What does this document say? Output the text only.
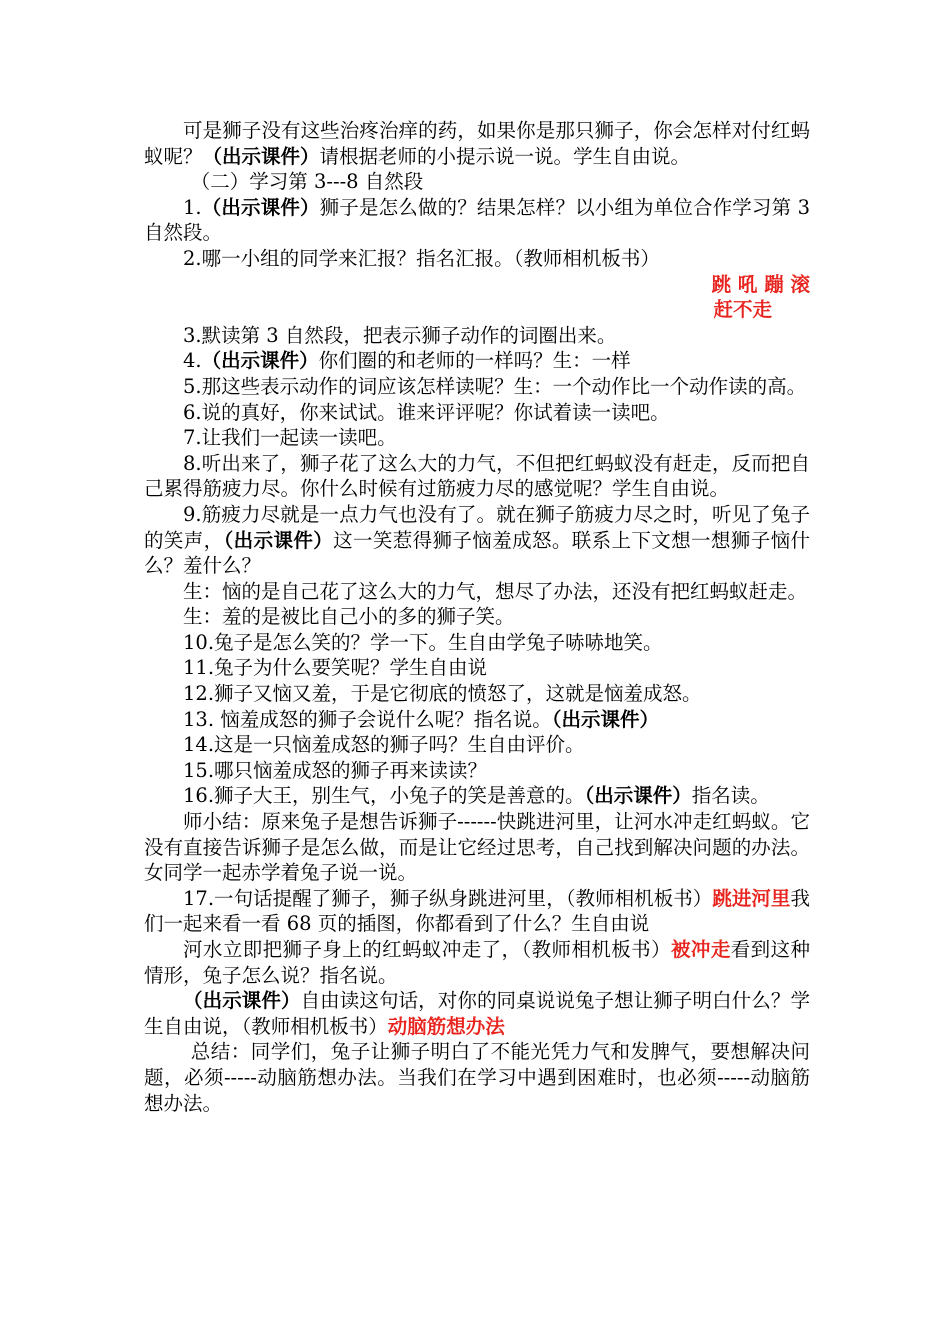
可是狮子没有这些治疼治痒的药，如果你是那只狮子，你会怎样对付红蚂蚁呢？（出示课件）请根据老师的小提示说一说。学生自由说。

（二）学习第 3---8 自然段

1.（出示课件）狮子是怎么做的？结果怎样？以小组为单位合作学习第 3 自然段。

2.哪一小组的同学来汇报？指名汇报。（教师相机板书）

跳 吼 蹦 滚
赶不走

3.默读第 3 自然段，把表示狮子动作的词圈出来。

4.（出示课件）你们圈的和老师的一样吗？生：一样

5.那这些表示动作的词应该怎样读呢？生：一个动作比一个动作读的高。

6.说的真好，你来试试。谁来评评呢？你试着读一读吧。

7.让我们一起读一读吧。

8.听出来了，狮子花了这么大的力气，不但把红蚂蚁没有赶走，反而把自己累得筋疲力尽。你什么时候有过筋疲力尽的感觉呢？学生自由说。

9.筋疲力尽就是一点力气也没有了。就在狮子筋疲力尽之时，听见了兔子的笑声，（出示课件）这一笑惹得狮子恼羞成怒。联系上下文想一想狮子恼什么？羞什么？

生：恼的是自己花了这么大的力气，想尽了办法，还没有把红蚂蚁赶走。

生：羞的是被比自己小的多的狮子笑。

10.兔子是怎么笑的？学一下。生自由学兔子哧哧地笑。

11.兔子为什么要笑呢？学生自由说

12.狮子又恼又羞，于是它彻底的愤怒了，这就是恼羞成怒。

13. 恼羞成怒的狮子会说什么呢？指名说。（出示课件）

14.这是一只恼羞成怒的狮子吗？生自由评价。

15.哪只恼羞成怒的狮子再来读读？

16.狮子大王，别生气，小兔子的笑是善意的。（出示课件）指名读。

师小结：原来兔子是想告诉狮子------快跳进河里，让河水冲走红蚂蚁。它没有直接告诉狮子是怎么做，而是让它经过思考，自己找到解决问题的办法。女同学一起赤学着兔子说一说。

17.一句话提醒了狮子，狮子纵身跳进河里，（教师相机板书）跳进河里我们一起来看一看 68 页的插图，你都看到了什么？生自由说

河水立即把狮子身上的红蚂蚁冲走了，（教师相机板书）被冲走看到这种情形，兔子怎么说？指名说。

（出示课件）自由读这句话，对你的同桌说说兔子想让狮子明白什么？学生自由说，（教师相机板书）动脑筋想办法

总结：同学们，兔子让狮子明白了不能光凭力气和发脾气，要想解决问题，必须-----动脑筋想办法。当我们在学习中遇到困难时，也必须-----动脑筋想办法。
